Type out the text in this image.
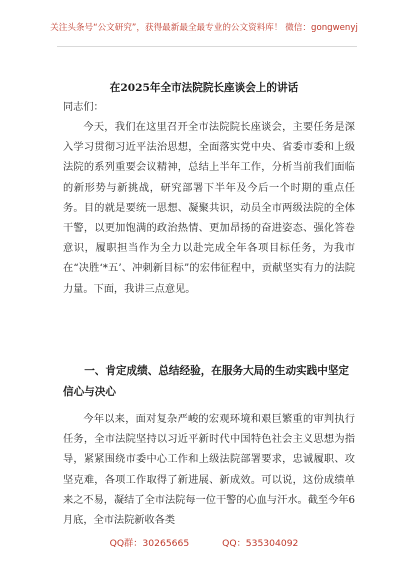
关注头条号“公文研究”，获得最新最全最专业的公文资料库！ 微信：gongwenyj
在2025年全市法院院长座谈会上的讲话
同志们：

今天，我们在这里召开全市法院院长座谈会，主要任务是深入学习贯彻习近平法治思想，全面落实党中央、省委市委和上级法院的系列重要会议精神，总结上半年工作，分析当前我们面临的新形势与新挑战，研究部署下半年及今后一个时期的重点任务。目的就是要统一思想、凝聚共识，动员全市两级法院的全体干警，以更加饱满的政治热情、更加昂扬的奋进姿态、强化答卷意识，履职担当作为全力以赴完成全年各项目标任务，为我市在“决胜‘*五’、冲刺新目标”的宏伟征程中，贡献坚实有力的法院力量。下面，我讲三点意见。

一、肯定成绩、总结经验，在服务大局的生动实践中坚定信心与决心

今年以来，面对复杂严峻的宏观环境和艰巨繁重的审判执行任务，全市法院坚持以习近平新时代中国特色社会主义思想为指导，紧紧围绕市委中心工作和上级法院部署要求，忠诚履职、攻坚克难，各项工作取得了新进展、新成效。可以说，这份成绩单来之不易，凝结了全市法院每一位干警的心血与汗水。截至今年6月底，全市法院新收各类

QQ群：30265665	QQ：535304092
